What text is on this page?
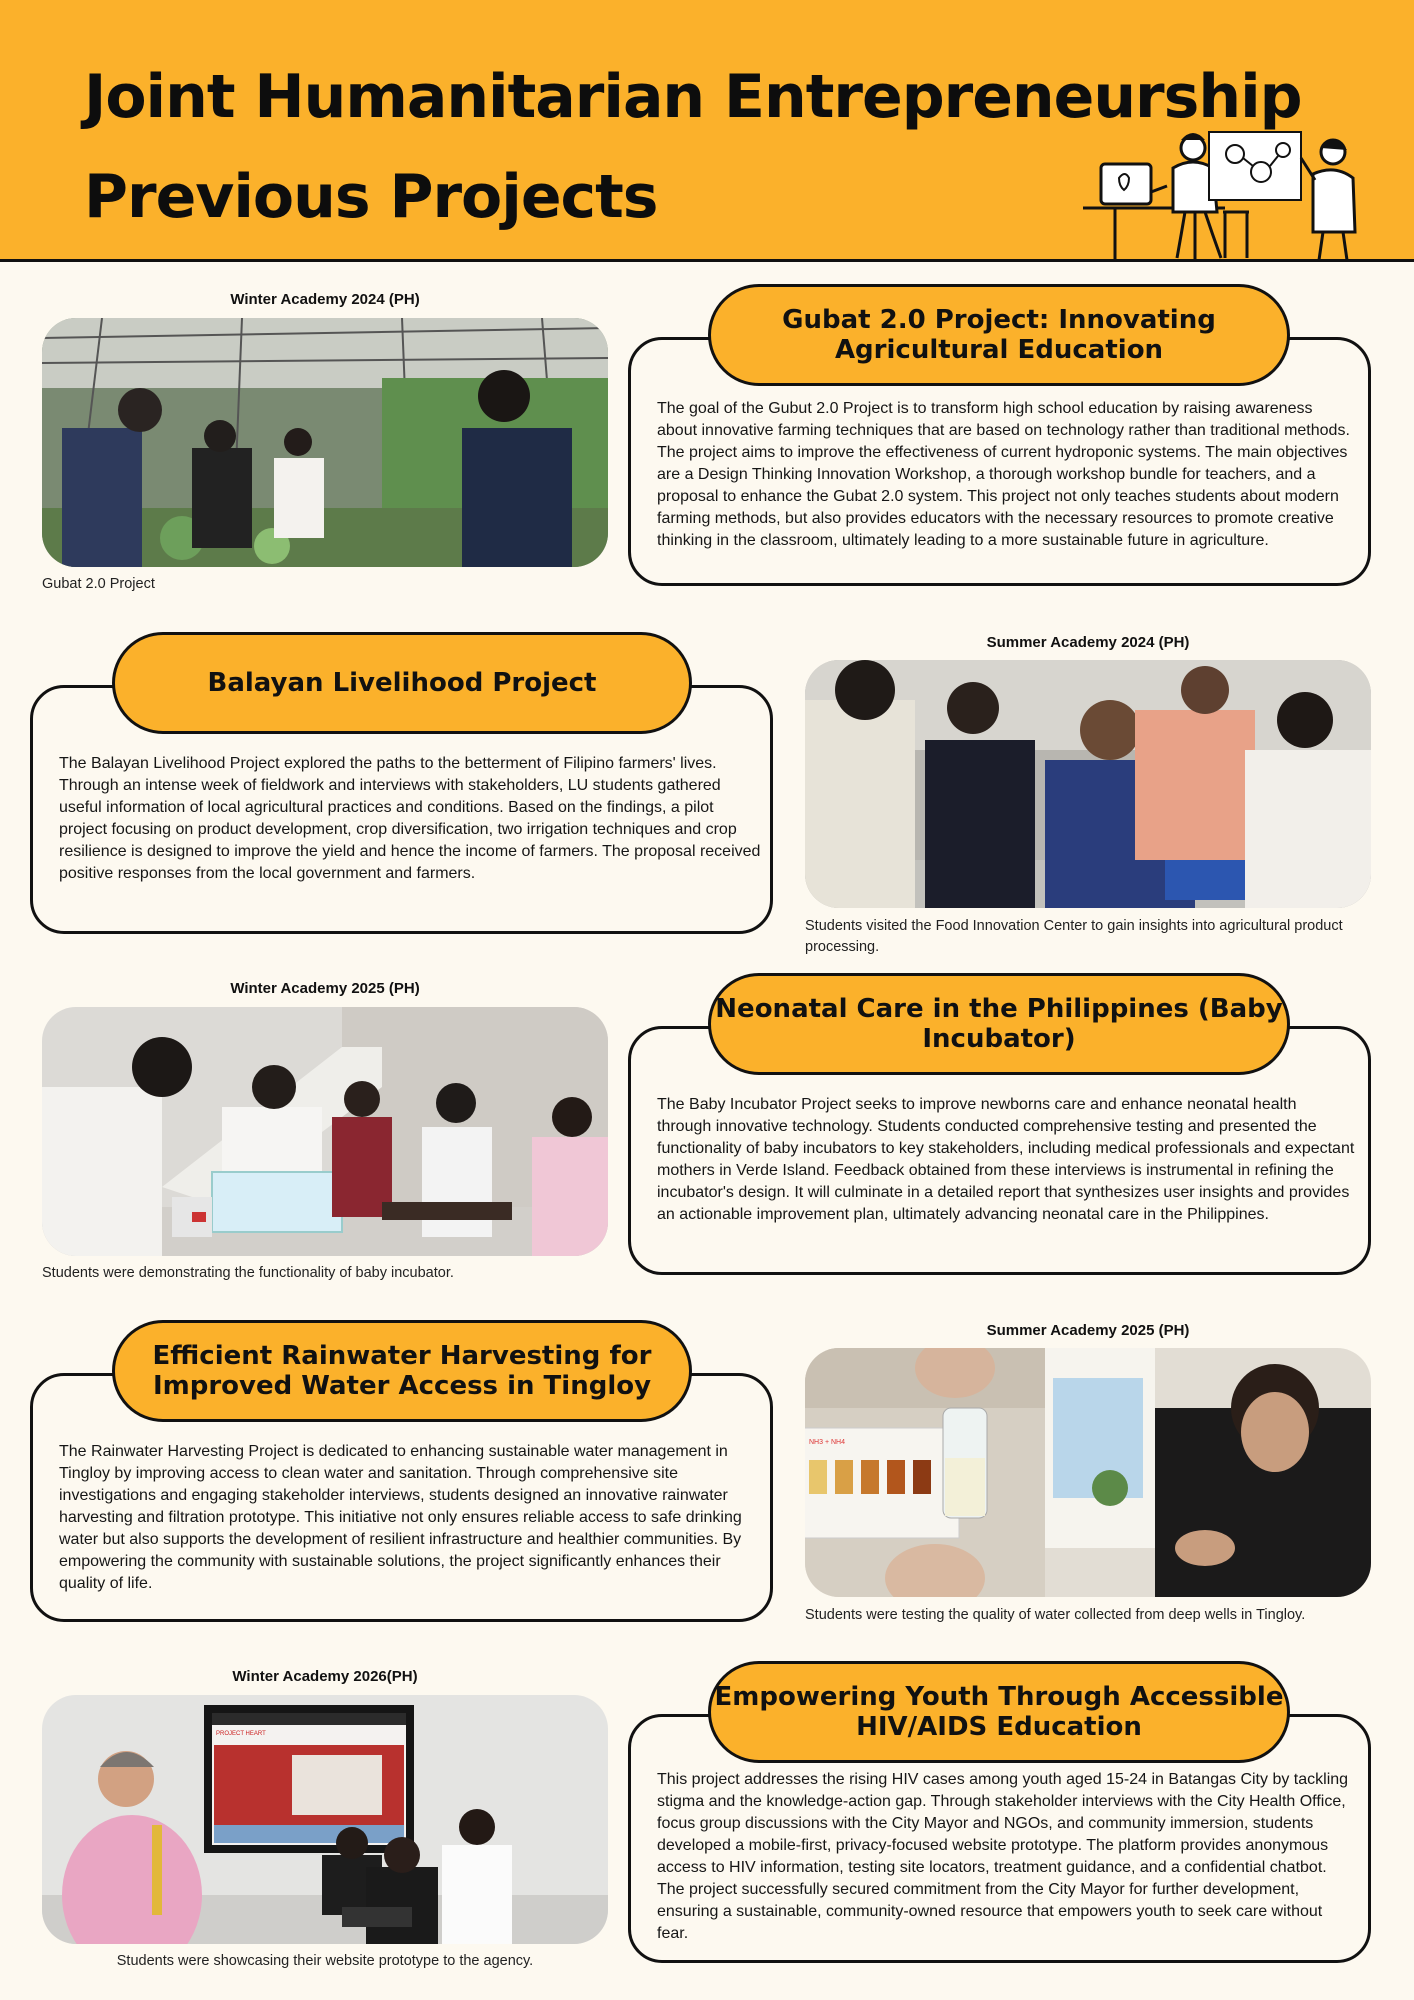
Joint Humanitarian Entrepreneurship
Previous Projects
Winter Academy 2024 (PH)
Gubat 2.0 Project
Gubat 2.0 Project: Innovating Agricultural Education
The goal of the Gubut 2.0 Project is to transform high school education by raising awareness about innovative farming techniques that are based on technology rather than traditional methods. The project aims to improve the effectiveness of current hydroponic systems. The main objectives are a Design Thinking Innovation Workshop, a thorough workshop bundle for teachers, and a proposal to enhance the Gubat 2.0 system. This project not only teaches students about modern farming methods, but also provides educators with the necessary resources to promote creative thinking in the classroom, ultimately leading to a more sustainable future in agriculture.
Balayan Livelihood Project
The Balayan Livelihood Project explored the paths to the betterment of Filipino farmers' lives. Through an intense week of fieldwork and interviews with stakeholders, LU students gathered useful information of local agricultural practices and conditions. Based on the findings, a pilot project focusing on product development, crop diversification, two irrigation techniques and crop resilience is designed to improve the yield and hence the income of farmers. The proposal received positive responses from the local government and farmers.
Summer Academy 2024 (PH)
Students visited the Food Innovation Center to gain insights into agricultural product processing.
Winter Academy 2025 (PH)
Students were demonstrating the functionality of baby incubator.
Neonatal Care in the Philippines (Baby Incubator)
The Baby Incubator Project seeks to improve newborns care and enhance neonatal health through innovative technology. Students conducted comprehensive testing and presented the functionality of baby incubators to key stakeholders, including medical professionals and expectant mothers in Verde Island. Feedback obtained from these interviews is instrumental in refining the incubator's design. It will culminate in a detailed report that synthesizes user insights and provides an actionable improvement plan, ultimately advancing neonatal care in the Philippines.
Efficient Rainwater Harvesting for Improved Water Access in Tingloy
The Rainwater Harvesting Project is dedicated to enhancing sustainable water management in Tingloy by improving access to clean water and sanitation. Through comprehensive site investigations and engaging stakeholder interviews, students designed an innovative rainwater harvesting and filtration prototype. This initiative not only ensures reliable access to safe drinking water but also supports the development of resilient infrastructure and healthier communities. By empowering the community with sustainable solutions, the project significantly enhances their quality of life.
Summer Academy 2025 (PH)
NH3 + NH4
Students were testing the quality of water collected from deep wells in Tingloy.
Winter Academy 2026(PH)
PROJECT HEART
Students were showcasing their website prototype to the agency.
Empowering Youth Through Accessible HIV/AIDS Education
This project addresses the rising HIV cases among youth aged 15-24 in Batangas City by tackling stigma and the knowledge-action gap. Through stakeholder interviews with the City Health Office, focus group discussions with the City Mayor and NGOs, and community immersion, students developed a mobile-first, privacy-focused website prototype. The platform provides anonymous access to HIV information, testing site locators, treatment guidance, and a confidential chatbot. The project successfully secured commitment from the City Mayor for further development, ensuring a sustainable, community-owned resource that empowers youth to seek care without fear.
